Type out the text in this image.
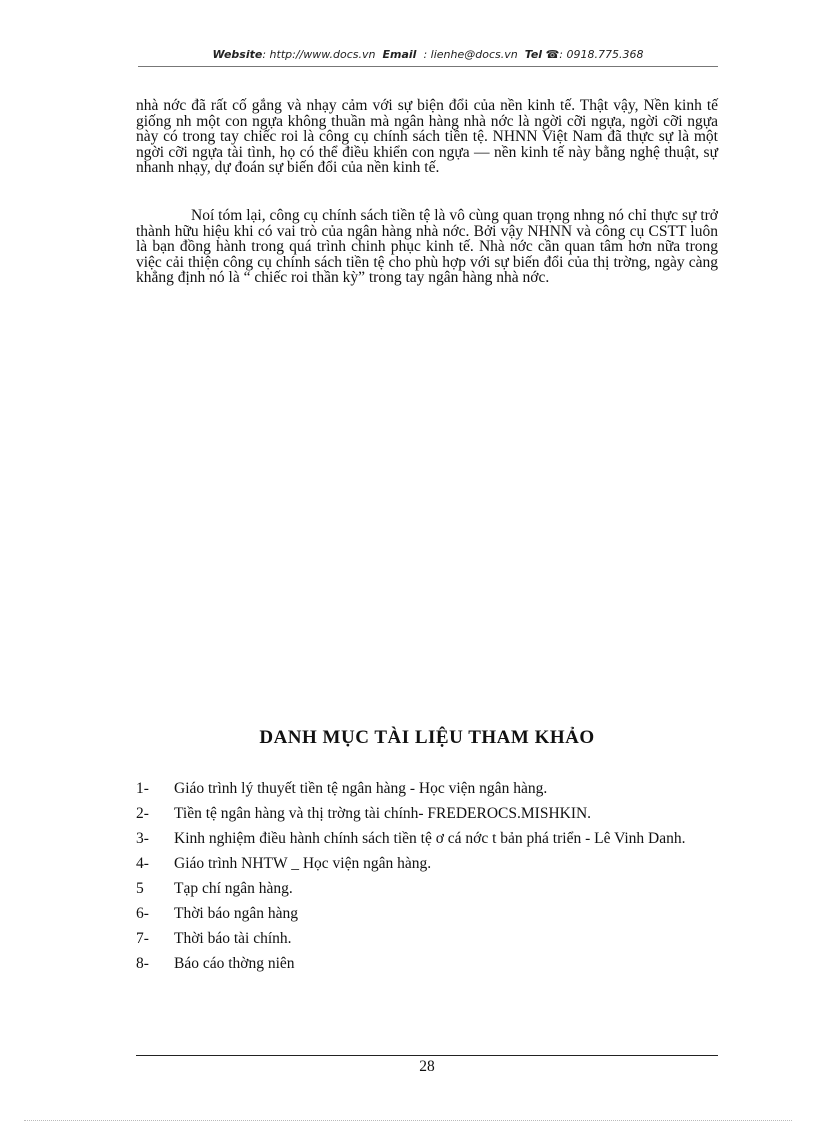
Website: http://www.docs.vn Email : lienhe@docs.vn Tel ☎: 0918.775.368

nhà nớc đã rất cố gắng và nhạy cảm với sự biện đổi của nền kinh tế. Thật vậy, Nền kinh tế giống nh một con ngựa không thuần mà ngân hàng nhà nớc là ngời cỡi ngựa, ngời cỡi ngựa này có trong tay chiếc roi là công cụ chính sách tiền tệ. NHNN Việt Nam đã thực sự là một ngời cỡi ngựa tài tình, họ có thể điều khiển con ngựa — nền kinh tế này bằng nghệ thuật, sự nhanh nhạy, dự đoán sự biến đổi của nền kinh tế.

Noí tóm lại, công cụ chính sách tiền tệ là vô cùng quan trọng nhng nó chỉ thực sự trở thành hữu hiệu khi có vai trò của ngân hàng nhà nớc. Bởi vậy NHNN và công cụ CSTT luôn là bạn đồng hành trong quá trình chinh phục kinh tế. Nhà nớc cần quan tâm hơn nữa trong việc cải thiện công cụ chính sách tiền tệ cho phù hợp với sự biến đổi của thị trờng, ngày càng khẳng định nó là “ chiếc roi thần kỳ” trong tay ngân hàng nhà nớc.

DANH MỤC TÀI LIỆU THAM KHẢO
1-	Giáo trình lý thuyết tiền tệ ngân hàng - Học viện ngân hàng.
2-	Tiền tệ ngân hàng và thị trờng tài chính- FREDEROCS.MISHKIN.
3-	Kinh nghiệm điều hành chính sách tiền tệ ơ cá nớc t bản phá triển - Lê Vinh Danh.
4-	Giáo trình NHTW _ Học viện ngân hàng.
5	Tạp chí ngân hàng.
6-	Thời báo ngân hàng
7-	Thời báo tài chính.
8-	Báo cáo thờng niên
28
